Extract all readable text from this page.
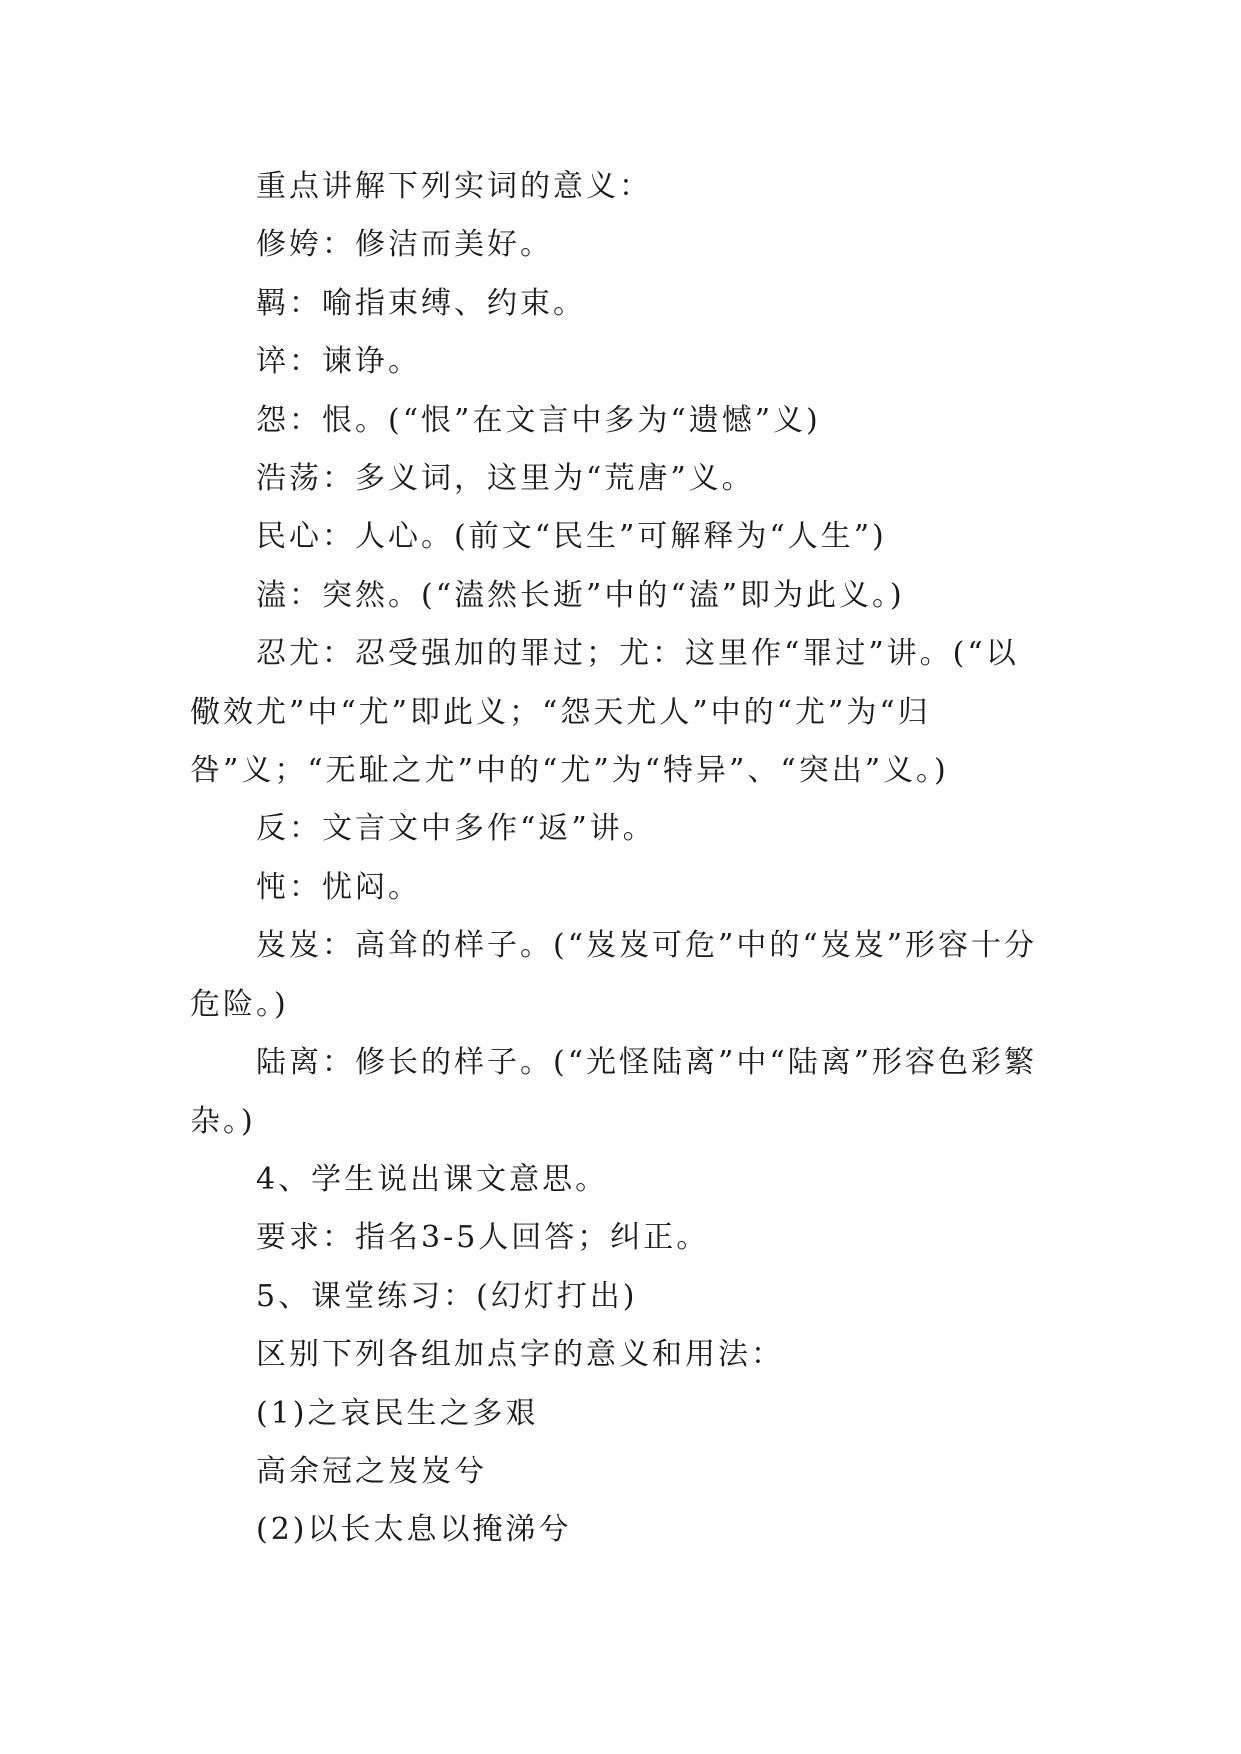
重点讲解下列实词的意义：

修姱：修洁而美好。

羁：喻指束缚、约束。

谇：谏诤。

怨：恨。(“恨”在文言中多为“遗憾”义)

浩荡：多义词，这里为“荒唐”义。

民心：人心。(前文“民生”可解释为“人生”)

溘：突然。(“溘然长逝”中的“溘”即为此义。)

忍尤：忍受强加的罪过；尤：这里作“罪过”讲。(“以儆效尤”中“尤”即此义；“怨天尤人”中的“尤”为“归咎”义；“无耻之尤”中的“尤”为“特异”、“突出”义。)

反：文言文中多作“返”讲。

忳：忧闷。

岌岌：高耸的样子。(“岌岌可危”中的“岌岌”形容十分危险。)

陆离：修长的样子。(“光怪陆离”中“陆离”形容色彩繁杂。)

4、学生说出课文意思。

要求：指名3-5人回答；纠正。

5、课堂练习：(幻灯打出)

区别下列各组加点字的意义和用法：

(1)之哀民生之多艰

高余冠之岌岌兮

(2)以长太息以掩涕兮
